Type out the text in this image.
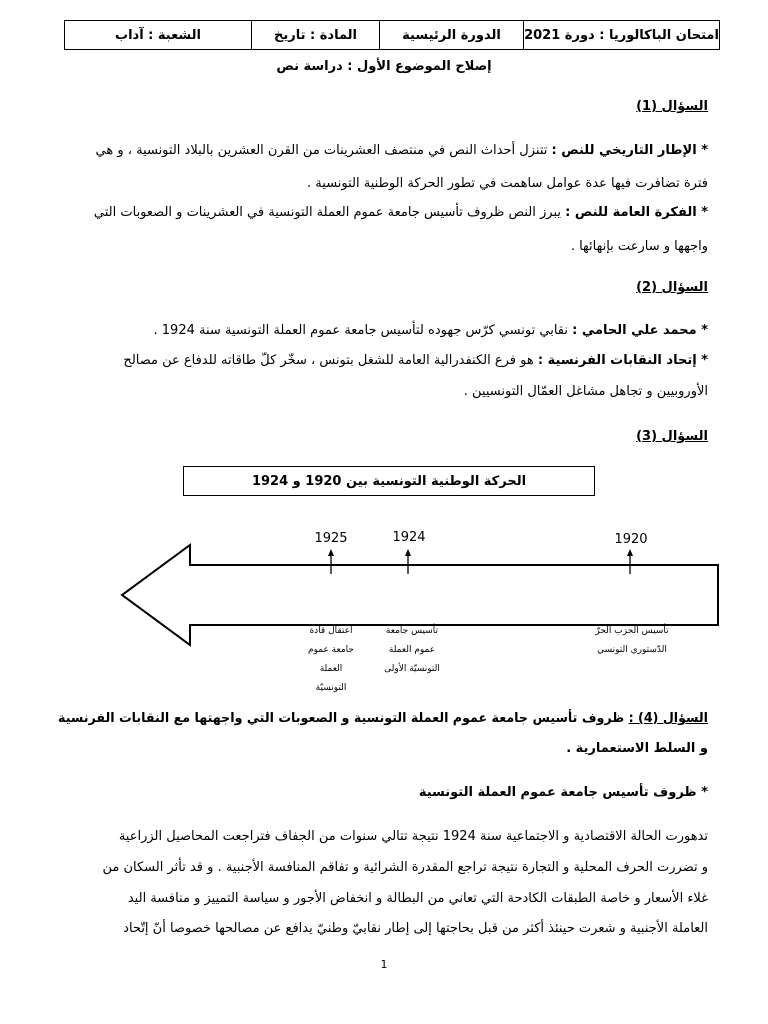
امتحان الباكالوريا : دورة 2021
الدورة الرئيسية
المادة : تاريخ
الشعبة : آداب
إصلاح الموضوع الأول : دراسة نص
السؤال (1)
* الإطار التاريخي للنص : تتنزل أحداث النص في منتصف العشرينات من القرن العشرين بالبلاد التونسية ، و هي
فترة تضافرت فيها عدة عوامل ساهمت في تطور الحركة الوطنية التونسية .
* الفكرة العامة للنص : يبرز النص ظروف تأسيس جامعة عموم العملة التونسية في العشرينات و الصعوبات التي
واجهها و سارعت بإنهائها .
السؤال (2)
* محمد علي الحامي : نقابي تونسي كرّس جهوده لتأسيس جامعة عموم العملة التونسية سنة 1924 .
* إتحاد النقابات الفرنسية : هو فرع الكنفدرالية العامة للشغل بتونس ، سخّر كلّ طاقاته للدفاع عن مصالح
الأوروبيين و تجاهل مشاغل العمّال التونسيين .
السؤال (3)
الحركة الوطنية التونسية بين 1920 و 1924
1925	1924	1920
اعتقال قادة
جامعة عموم
العملة
التونسيّة
تأسيس جامعة
عموم العملة
التونسيّة الأولى
تأسيس الحزب الحرّ
الدّستوري التونسي
السؤال (4) : ظروف تأسيس جامعة عموم العملة التونسية و الصعوبات التي واجهتها مع النقابات الفرنسية
و السلط الاستعمارية .
* ظروف تأسيس جامعة عموم العملة التونسية
تدهورت الحالة الاقتصادية و الاجتماعية سنة 1924 نتيجة تتالي سنوات من الجفاف فتراجعت المحاصيل الزراعية
و تضررت الحرف المحلية و التجارة نتيجة تراجع المقدرة الشرائية و تفاقم المنافسة الأجنبية . و قد تأثر السكان من
غلاء الأسعار و خاصة الطبقات الكادحة التي تعاني من البطالة و انخفاض الأجور و سياسة التمييز و منافسة اليد
العاملة الأجنبية و شعرت حينئذ أكثر من قبل بحاجتها إلى إطار نقابيّ وطنيّ يدافع عن مصالحها خصوصا أنّ إتّحاد
1
